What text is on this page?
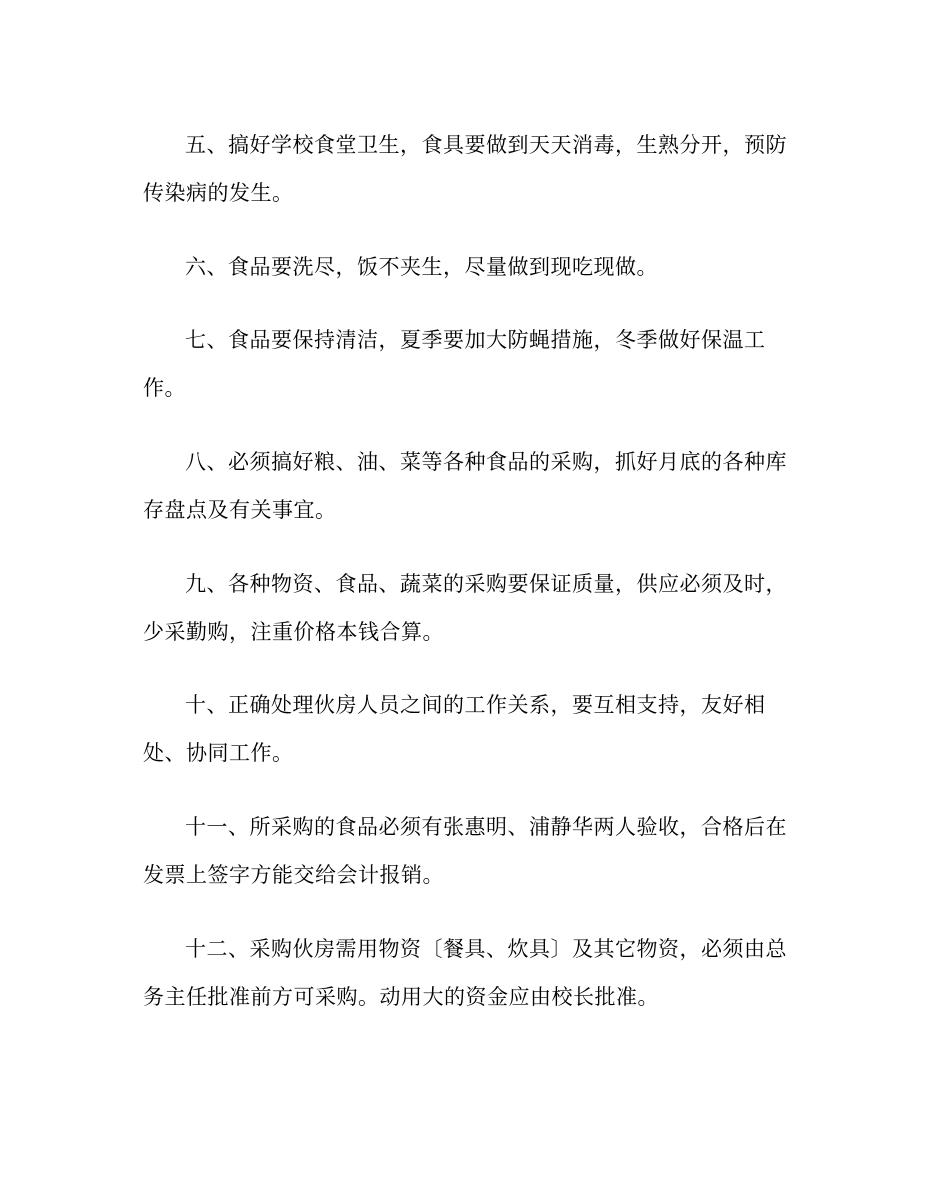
五、搞好学校食堂卫生，食具要做到天天消毒，生熟分开，预防传染病的发生。

六、食品要洗尽，饭不夹生，尽量做到现吃现做。

七、食品要保持清洁，夏季要加大防蝇措施，冬季做好保温工作。

八、必须搞好粮、油、菜等各种食品的采购，抓好月底的各种库存盘点及有关事宜。

九、各种物资、食品、蔬菜的采购要保证质量，供应必须及时，少采勤购，注重价格本钱合算。

十、正确处理伙房人员之间的工作关系，要互相支持，友好相处、协同工作。

十一、所采购的食品必须有张惠明、浦静华两人验收，合格后在发票上签字方能交给会计报销。

十二、采购伙房需用物资〔餐具、炊具〕及其它物资，必须由总务主任批准前方可采购。动用大的资金应由校长批准。
